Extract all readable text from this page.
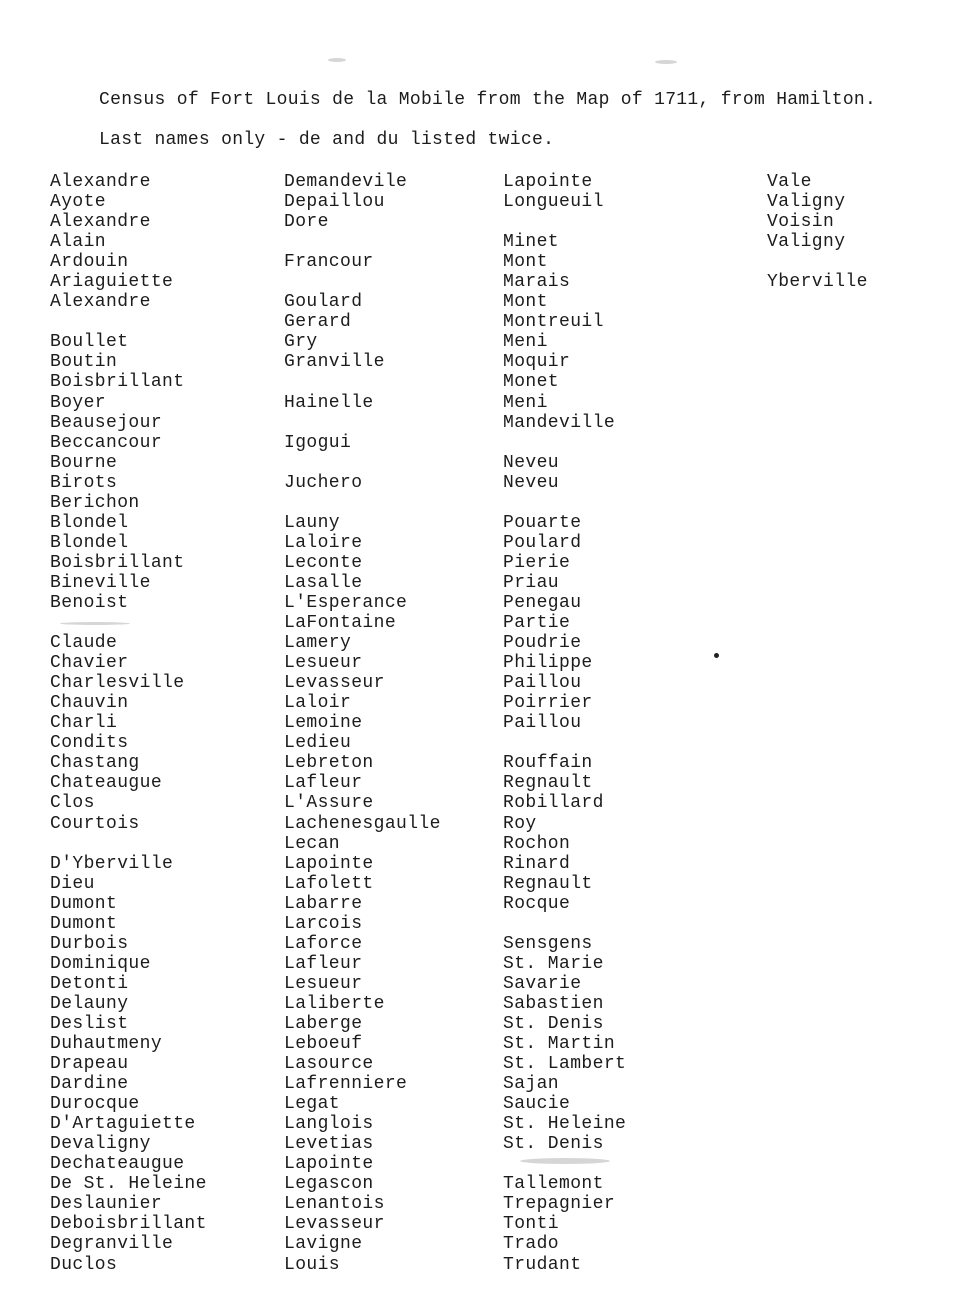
Census of Fort Louis de la Mobile from the Map of 1711, from Hamilton.
Last names only - de and du listed twice.
Alexandre
Ayote
Alexandre
Alain
Ardouin
Ariaguiette
Alexandre

Boullet
Boutin
Boisbrillant
Boyer
Beausejour
Beccancour
Bourne
Birots
Berichon
Blondel
Blondel
Boisbrillant
Bineville
Benoist

Claude
Chavier
Charlesville
Chauvin
Charli
Condits
Chastang
Chateaugue
Clos
Courtois

D'Yberville
Dieu
Dumont
Dumont
Durbois
Dominique
Detonti
Delauny
Deslist
Duhautmeny
Drapeau
Dardine
Durocque
D'Artaguiette
Devaligny
Dechateaugue
De St. Heleine
Deslaunier
Deboisbrillant
Degranville
Duclos
Demandevile
Depaillou
Dore

Francour

Goulard
Gerard
Gry
Granville

Hainelle

Igogui

Juchero

Launy
Laloire
Leconte
Lasalle
L'Esperance
LaFontaine
Lamery
Lesueur
Levasseur
Laloir
Lemoine
Ledieu
Lebreton
Lafleur
L'Assure
Lachenesgaulle
Lecan
Lapointe
Lafolett
Labarre
Larcois
Laforce
Lafleur
Lesueur
Laliberte
Laberge
Leboeuf
Lasource
Lafrenniere
Legat
Langlois
Levetias
Lapointe
Legascon
Lenantois
Levasseur
Lavigne
Louis
Lapointe
Longueuil

Minet
Mont
Marais
Mont
Montreuil
Meni
Moquir
Monet
Meni
Mandeville

Neveu
Neveu

Pouarte
Poulard
Pierie
Priau
Penegau
Partie
Poudrie
Philippe
Paillou
Poirrier
Paillou

Rouffain
Regnault
Robillard
Roy
Rochon
Rinard
Regnault
Rocque

Sensgens
St. Marie
Savarie
Sabastien
St. Denis
St. Martin
St. Lambert
Sajan
Saucie
St. Heleine
St. Denis

Tallemont
Trepagnier
Tonti
Trado
Trudant
Vale
Valigny
Voisin
Valigny

Yberville
